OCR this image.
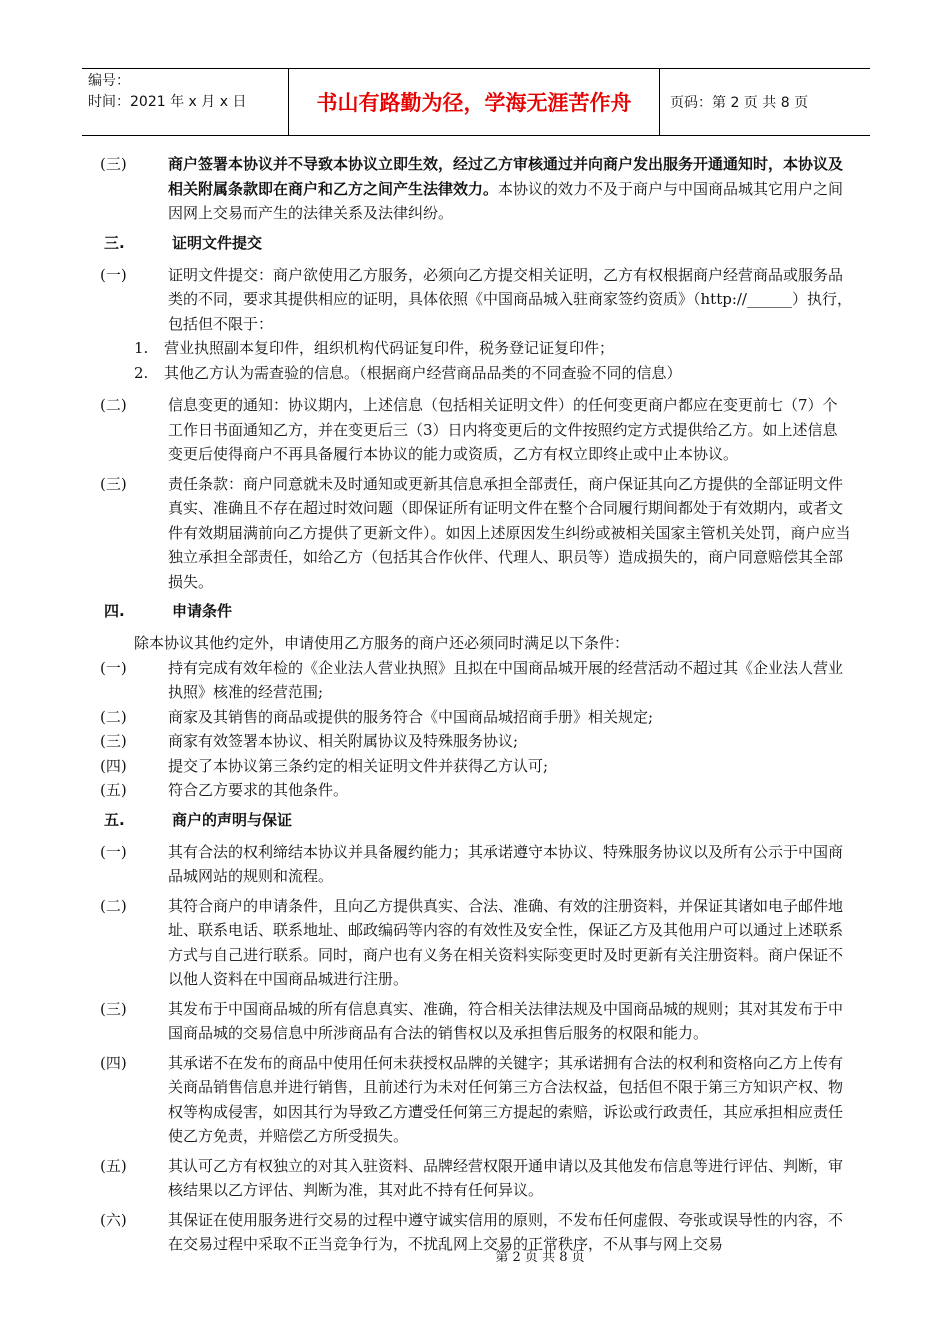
编号：
时间：2021 年 x 月 x 日	书山有路勤为径，学海无涯苦作舟	页码：第 2 页 共 8 页
(三)	商户签署本协议并不导致本协议立即生效，经过乙方审核通过并向商户发出服务开通通知时，本协议及相关附属条款即在商户和乙方之间产生法律效力。本协议的效力不及于商户与中国商品城其它用户之间因网上交易而产生的法律关系及法律纠纷。
三.	证明文件提交
(一)	证明文件提交：商户欲使用乙方服务，必须向乙方提交相关证明，乙方有权根据商户经营商品或服务品类的不同，要求其提供相应的证明，具体依照《中国商品城入驻商家签约资质》（http://______）执行，包括但不限于：
1.	营业执照副本复印件，组织机构代码证复印件，税务登记证复印件；
2.	其他乙方认为需查验的信息。（根据商户经营商品品类的不同查验不同的信息）
(二)	信息变更的通知：协议期内，上述信息（包括相关证明文件）的任何变更商户都应在变更前七（7）个工作日书面通知乙方，并在变更后三（3）日内将变更后的文件按照约定方式提供给乙方。如上述信息变更后使得商户不再具备履行本协议的能力或资质，乙方有权立即终止或中止本协议。
(三)	责任条款：商户同意就未及时通知或更新其信息承担全部责任，商户保证其向乙方提供的全部证明文件真实、准确且不存在超过时效问题（即保证所有证明文件在整个合同履行期间都处于有效期内，或者文件有效期届满前向乙方提供了更新文件）。如因上述原因发生纠纷或被相关国家主管机关处罚，商户应当独立承担全部责任，如给乙方（包括其合作伙伴、代理人、职员等）造成损失的，商户同意赔偿其全部损失。
四.	申请条件
除本协议其他约定外，申请使用乙方服务的商户还必须同时满足以下条件：
(一)	持有完成有效年检的《企业法人营业执照》且拟在中国商品城开展的经营活动不超过其《企业法人营业执照》核准的经营范围;
(二)	商家及其销售的商品或提供的服务符合《中国商品城招商手册》相关规定;
(三)	商家有效签署本协议、相关附属协议及特殊服务协议;
(四)	提交了本协议第三条约定的相关证明文件并获得乙方认可;
(五)	符合乙方要求的其他条件。
五.	商户的声明与保证
(一)	其有合法的权利缔结本协议并具备履约能力；其承诺遵守本协议、特殊服务协议以及所有公示于中国商品城网站的规则和流程。
(二)	其符合商户的申请条件，且向乙方提供真实、合法、准确、有效的注册资料，并保证其诸如电子邮件地址、联系电话、联系地址、邮政编码等内容的有效性及安全性，保证乙方及其他用户可以通过上述联系方式与自己进行联系。同时，商户也有义务在相关资料实际变更时及时更新有关注册资料。商户保证不以他人资料在中国商品城进行注册。
(三)	其发布于中国商品城的所有信息真实、准确，符合相关法律法规及中国商品城的规则；其对其发布于中国商品城的交易信息中所涉商品有合法的销售权以及承担售后服务的权限和能力。
(四)	其承诺不在发布的商品中使用任何未获授权品牌的关键字；其承诺拥有合法的权利和资格向乙方上传有关商品销售信息并进行销售，且前述行为未对任何第三方合法权益，包括但不限于第三方知识产权、物权等构成侵害，如因其行为导致乙方遭受任何第三方提起的索赔，诉讼或行政责任，其应承担相应责任使乙方免责，并赔偿乙方所受损失。
(五)	其认可乙方有权独立的对其入驻资料、品牌经营权限开通申请以及其他发布信息等进行评估、判断，审核结果以乙方评估、判断为准，其对此不持有任何异议。
(六)	其保证在使用服务进行交易的过程中遵守诚实信用的原则，不发布任何虚假、夸张或误导性的内容，不在交易过程中采取不正当竞争行为，不扰乱网上交易的正常秩序，不从事与网上交易
第 2 页 共 8 页
